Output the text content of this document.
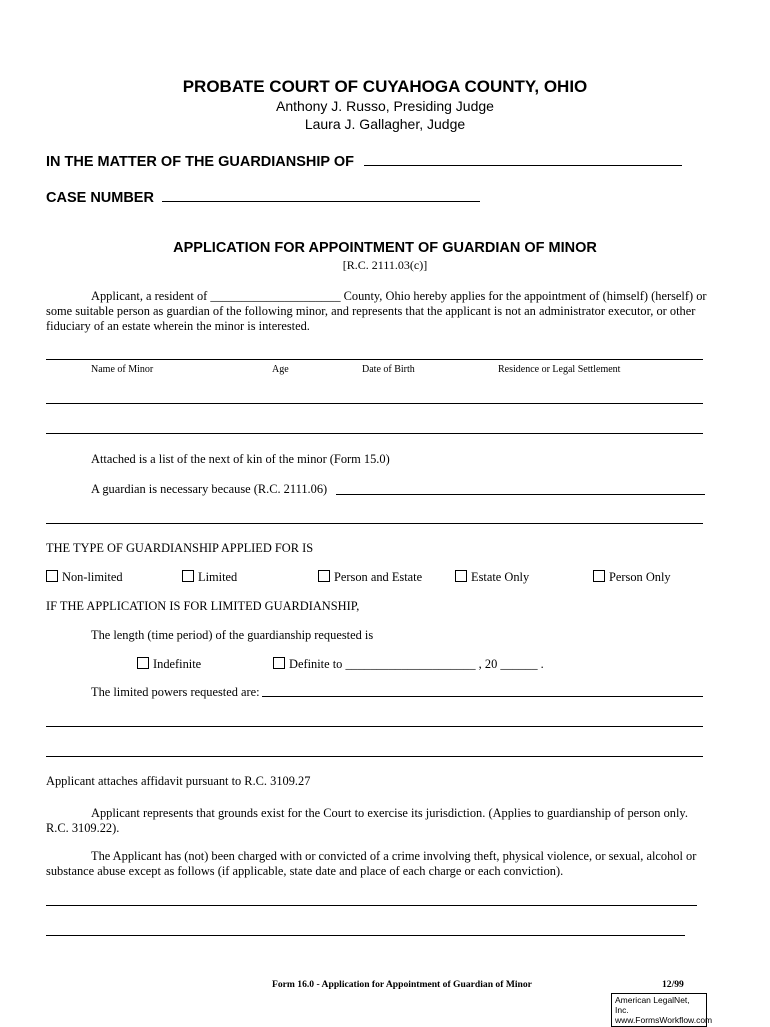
PROBATE COURT OF CUYAHOGA COUNTY, OHIO
Anthony J. Russo, Presiding Judge
Laura J. Gallagher, Judge
IN THE MATTER OF THE GUARDIANSHIP OF
CASE NUMBER
APPLICATION FOR APPOINTMENT OF GUARDIAN OF MINOR
[R.C. 2111.03(c)]
Applicant, a resident of _____________________ County, Ohio hereby applies for the appointment of (himself) (herself) or
some suitable person as guardian of the following minor, and represents that the applicant is not an administrator executor, or other
fiduciary of an estate wherein the minor is interested.
Name of Minor	Age	Date of Birth	Residence or Legal Settlement
Attached is a list of the next of kin of the minor (Form 15.0)
A guardian is necessary because (R.C. 2111.06)
THE TYPE OF GUARDIANSHIP APPLIED FOR IS
Non-limited	Limited	Person and Estate	Estate Only	Person Only
IF THE APPLICATION IS FOR LIMITED GUARDIANSHIP,
The length (time period) of the guardianship requested is
Indefinite	Definite to _____________________ , 20 ______ .
The limited powers requested are:
Applicant attaches affidavit pursuant to R.C. 3109.27
Applicant represents that grounds exist for the Court to exercise its jurisdiction. (Applies to guardianship of person only.
R.C. 3109.22).
The Applicant has (not) been charged with or convicted of a crime involving theft, physical violence, or sexual, alcohol or
substance abuse except as follows (if applicable, state date and place of each charge or each conviction).
Form 16.0 - Application for Appointment of Guardian of Minor	12/99
American LegalNet, Inc.
www.FormsWorkflow.com
